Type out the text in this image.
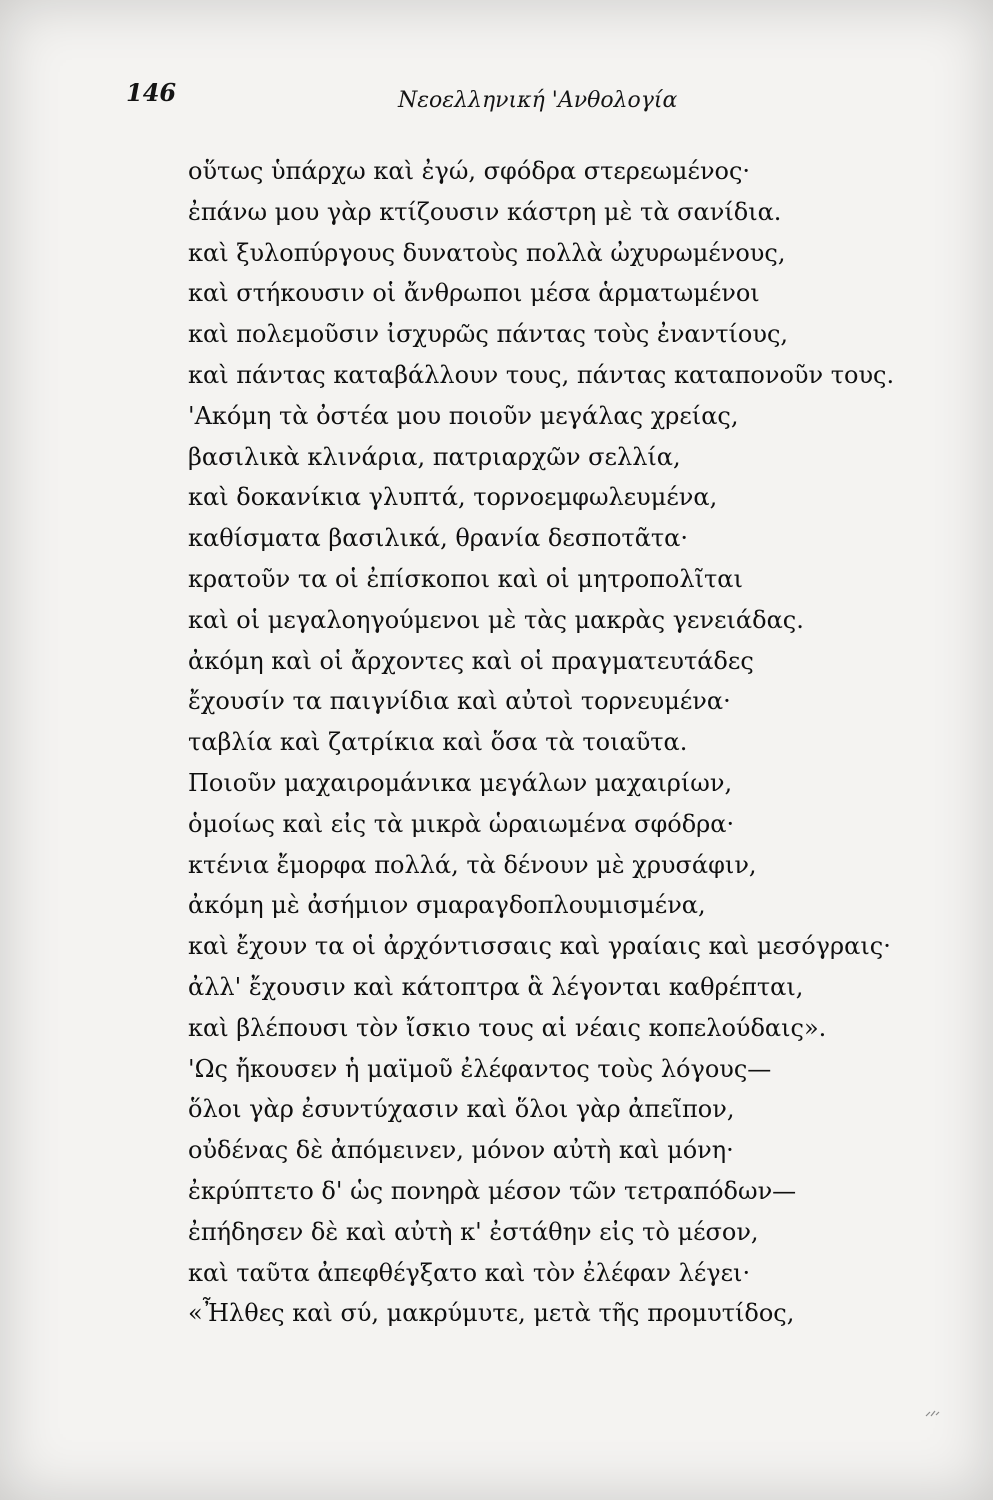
146	Νεοελληνική 'Ανθολογία
οὕτως ὑπάρχω καὶ ἐγώ, σφόδρα στερεωμένος·
ἐπάνω μου γὰρ κτίζουσιν κάστρη μὲ τὰ σανίδια.
καὶ ξυλοπύργους δυνατοὺς πολλὰ ὠχυρωμένους,
καὶ στήκουσιν οἱ ἄνθρωποι μέσα ἁρματωμένοι
καὶ πολεμοῦσιν ἰσχυρῶς πάντας τοὺς ἐναντίους,
καὶ πάντας καταβάλλουν τους, πάντας καταπονοῦν τους.
'Ακόμη τὰ ὀστέα μου ποιοῦν μεγάλας χρείας,
βασιλικὰ κλινάρια, πατριαρχῶν σελλία,
καὶ δοκανίκια γλυπτά, τορνοεμφωλευμένα,
καθίσματα βασιλικά, θρανία δεσποτᾶτα·
κρατοῦν τα οἱ ἐπίσκοποι καὶ οἱ μητροπολῖται
καὶ οἱ μεγαλοηγούμενοι μὲ τὰς μακρὰς γενειάδας.
ἀκόμη καὶ οἱ ἄρχοντες καὶ οἱ πραγματευτάδες
ἔχουσίν τα παιγνίδια καὶ αὐτοὶ τορνευμένα·
ταβλία καὶ ζατρίκια καὶ ὅσα τὰ τοιαῦτα.
Ποιοῦν μαχαιρομάνικα μεγάλων μαχαιρίων,
ὁμοίως καὶ εἰς τὰ μικρὰ ὡραιωμένα σφόδρα·
κτένια ἔμορφα πολλά, τὰ δένουν μὲ χρυσάφιν,
ἀκόμη μὲ ἀσήμιον σμαραγδοπλουμισμένα,
καὶ ἔχουν τα οἱ ἀρχόντισσαις καὶ γραίαις καὶ μεσόγραις·
ἀλλ' ἔχουσιν καὶ κάτοπτρα ἃ λέγονται καθρέπται,
καὶ βλέπουσι τὸν ἴσκιο τους αἱ νέαις κοπελούδαις».
'Ως ἤκουσεν ἡ μαϊμοῦ ἐλέφαντος τοὺς λόγους—
ὅλοι γὰρ ἐσυντύχασιν καὶ ὅλοι γὰρ ἀπεῖπον,
οὐδένας δὲ ἀπόμεινεν, μόνον αὐτὴ καὶ μόνη·
ἐκρύπτετο δ' ὡς πονηρὰ μέσον τῶν τετραπόδων—
ἐπήδησεν δὲ καὶ αὐτὴ κ' ἐστάθην εἰς τὸ μέσον,
καὶ ταῦτα ἀπεφθέγξατο καὶ τὸν ἐλέφαν λέγει·
«Ἦλθες καὶ σύ, μακρύμυτε, μετὰ τῆς προμυτίδος,
